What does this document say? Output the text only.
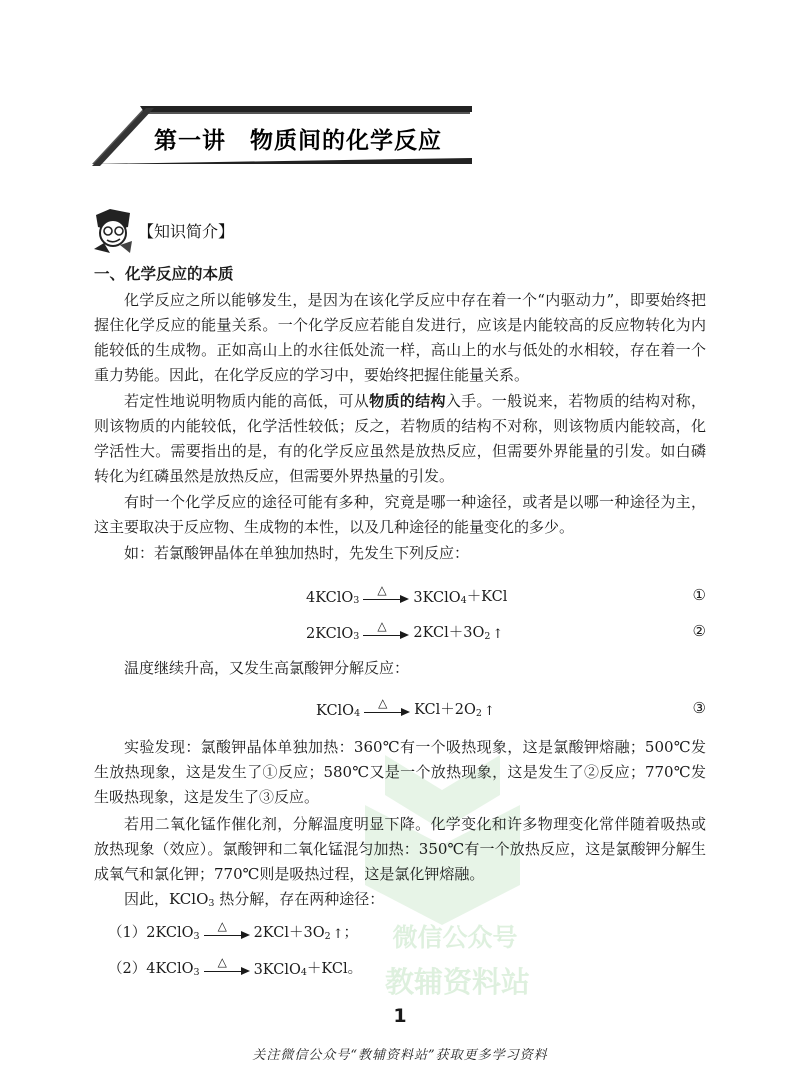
微信公众号
教辅资料站
第一讲　物质间的化学反应
【知识简介】
一、化学反应的本质

化学反应之所以能够发生，是因为在该化学反应中存在着一个“内驱动力”，即要始终把握住化学反应的能量关系。一个化学反应若能自发进行，应该是内能较高的反应物转化为内能较低的生成物。正如高山上的水往低处流一样，高山上的水与低处的水相较，存在着一个重力势能。因此，在化学反应的学习中，要始终把握住能量关系。

若定性地说明物质内能的高低，可从物质的结构入手。一般说来，若物质的结构对称，则该物质的内能较低，化学活性较低；反之，若物质的结构不对称，则该物质内能较高，化学活性大。需要指出的是，有的化学反应虽然是放热反应，但需要外界能量的引发。如白磷转化为红磷虽然是放热反应，但需要外界热量的引发。

有时一个化学反应的途径可能有多种，究竟是哪一种途径，或者是以哪一种途径为主，这主要取决于反应物、生成物的本性，以及几种途径的能量变化的多少。

如：若氯酸钾晶体在单独加热时，先发生下列反应：

4KClO 3
△ 3KClO 4 ＋KCl	①
2KClO 3
△ 2KCl＋3O 2 ↑	②

温度继续升高，又发生高氯酸钾分解反应：

KClO 4
△ KCl＋2O 2 ↑	③

实验发现：氯酸钾晶体单独加热：360℃有一个吸热现象，这是氯酸钾熔融；500℃发生放热现象，这是发生了①反应；580℃又是一个放热现象，这是发生了②反应；770℃发生吸热现象，这是发生了③反应。

若用二氧化锰作催化剂，分解温度明显下降。化学变化和许多物理变化常伴随着吸热或放热现象（效应）。氯酸钾和二氧化锰混匀加热：350℃有一个放热反应，这是氯酸钾分解生成氧气和氯化钾；770℃则是吸热过程，这是氯化钾熔融。

因此，KClO$_3$ 热分解，存在两种途径：

（1）2KClO 3
△ 2KCl＋3O 2 ↑ ；
（2）4KClO 3
△ 3KClO 4 ＋KCl。
1
关注微信公众号“教辅资料站”获取更多学习资料
